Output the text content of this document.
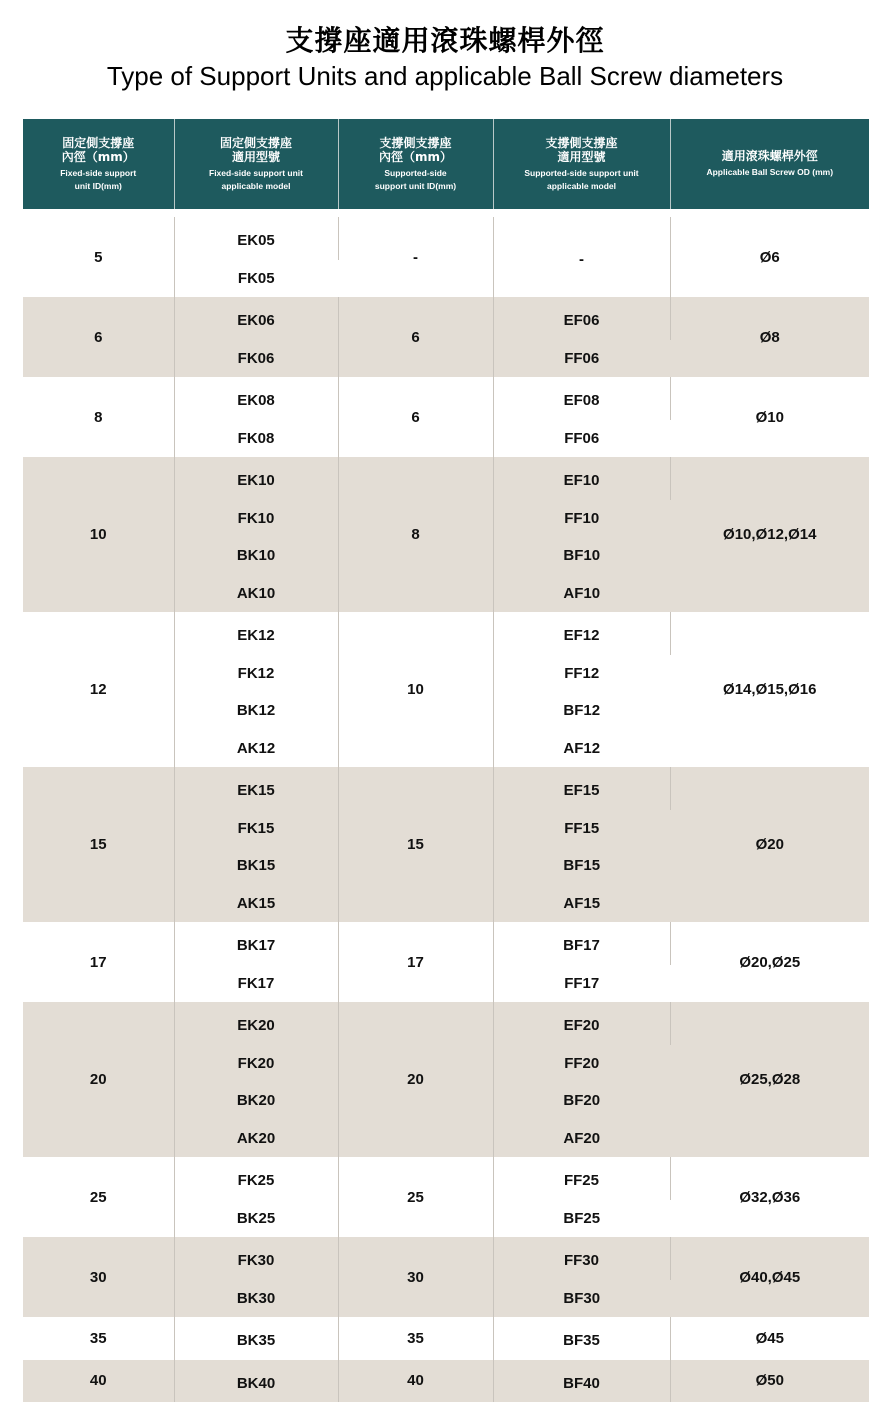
支撐座適用滾珠螺桿外徑
Type of Support Units and applicable Ball Screw diameters
固定側支撐座
內徑（mm）
Fixed-side support
unit ID(mm)	固定側支撐座
適用型號
Fixed-side support unit
applicable model	支撐側支撐座
內徑（mm）
Supported-side
support unit ID(mm)	支撐側支撐座
適用型號
Supported-side support unit
applicable model	適用滾珠螺桿外徑
Applicable Ball Screw OD (mm)

5	EK05	-	-	Ø6
	FK05			
6	EK06	6	EF06	Ø8
	FK06		FF06	
8	EK08	6	EF08	Ø10
	FK08		FF06	
10	EK10	8	EF10	Ø10,Ø12,Ø14
	FK10		FF10	
	BK10		BF10	
	AK10		AF10	
12	EK12	10	EF12	Ø14,Ø15,Ø16
	FK12		FF12	
	BK12		BF12	
	AK12		AF12	
15	EK15	15	EF15	Ø20
	FK15		FF15	
	BK15		BF15	
	AK15		AF15	
17	BK17	17	BF17	Ø20,Ø25
	FK17		FF17	
20	EK20	20	EF20	Ø25,Ø28
	FK20		FF20	
	BK20		BF20	
	AK20		AF20	
25	FK25	25	FF25	Ø32,Ø36
	BK25		BF25	
30	FK30	30	FF30	Ø40,Ø45
	BK30		BF30	
35	BK35	35	BF35	Ø45
40	BK40	40	BF40	Ø50
